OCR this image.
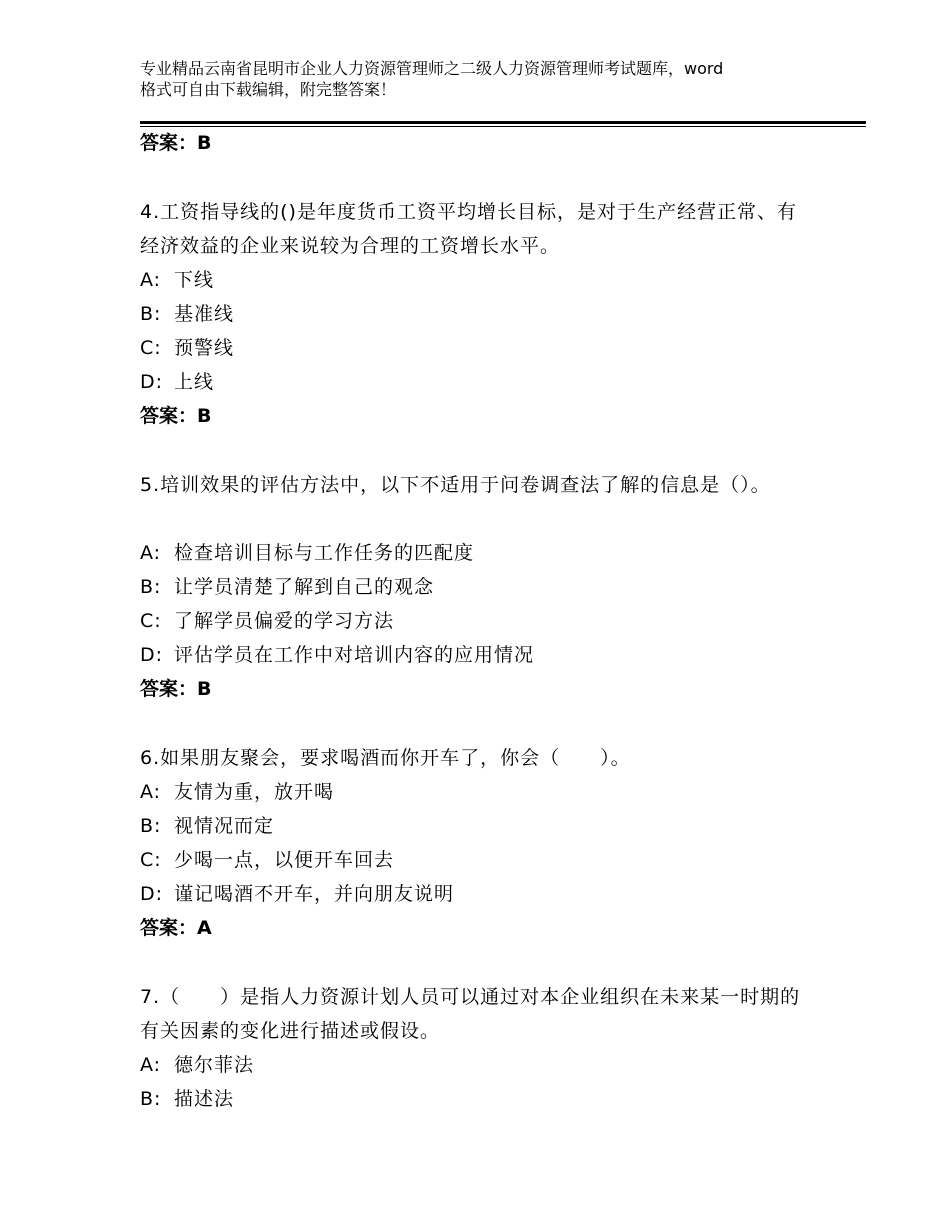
专业精品云南省昆明市企业人力资源管理师之二级人力资源管理师考试题库，word
格式可自由下载编辑，附完整答案！
答案：B
4.工资指导线的()是年度货币工资平均增长目标，是对于生产经营正常、有经济效益的企业来说较为合理的工资增长水平。
A: 下线
B: 基准线
C: 预警线
D: 上线
答案：B
5.培训效果的评估方法中，以下不适用于问卷调查法了解的信息是（）。
A: 检查培训目标与工作任务的匹配度
B: 让学员清楚了解到自己的观念
C: 了解学员偏爱的学习方法
D: 评估学员在工作中对培训内容的应用情况
答案：B
6.如果朋友聚会，要求喝酒而你开车了，你会（　　）。
A: 友情为重，放开喝
B: 视情况而定
C: 少喝一点，以便开车回去
D: 谨记喝酒不开车，并向朋友说明
答案：A
7.（　　）是指人力资源计划人员可以通过对本企业组织在未来某一时期的有关因素的变化进行描述或假设。
A: 德尔菲法
B: 描述法
